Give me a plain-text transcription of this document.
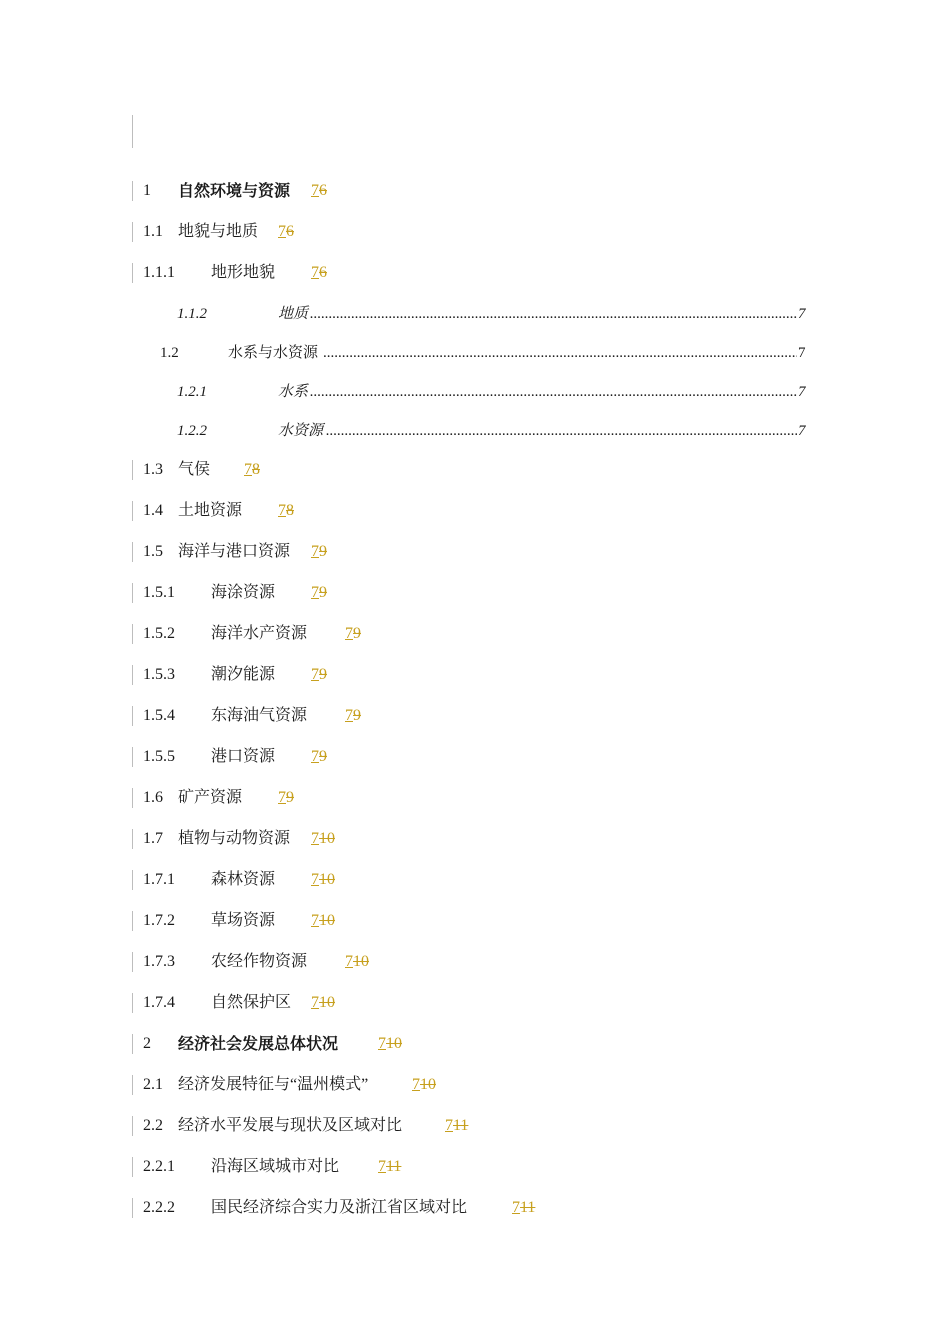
1 自然环境与资源 76
1.1 地貌与地质 76
1.1.1 地形地貌 76
1.1.2	地质 .....	7
1.2	水系与水资源 .....	7
1.2.1	水系 .....	7
1.2.2	水资源 .....	7
1.3 气侯 78
1.4 土地资源 78
1.5 海洋与港口资源 79
1.5.1 海涂资源 79
1.5.2 海洋水产资源 79
1.5.3 潮汐能源 79
1.5.4 东海油气资源 79
1.5.5 港口资源 79
1.6 矿产资源 79
1.7 植物与动物资源 710
1.7.1 森林资源 710
1.7.2 草场资源 710
1.7.3 农经作物资源 710
1.7.4 自然保护区 710
2 经济社会发展总体状况 710
2.1 经济发展特征与“温州模式”	710
2.2 经济水平发展与现状及区域对比	711
2.2.1 沿海区域城市对比 711
2.2.2 国民经济综合实力及浙江省区域对比	711
